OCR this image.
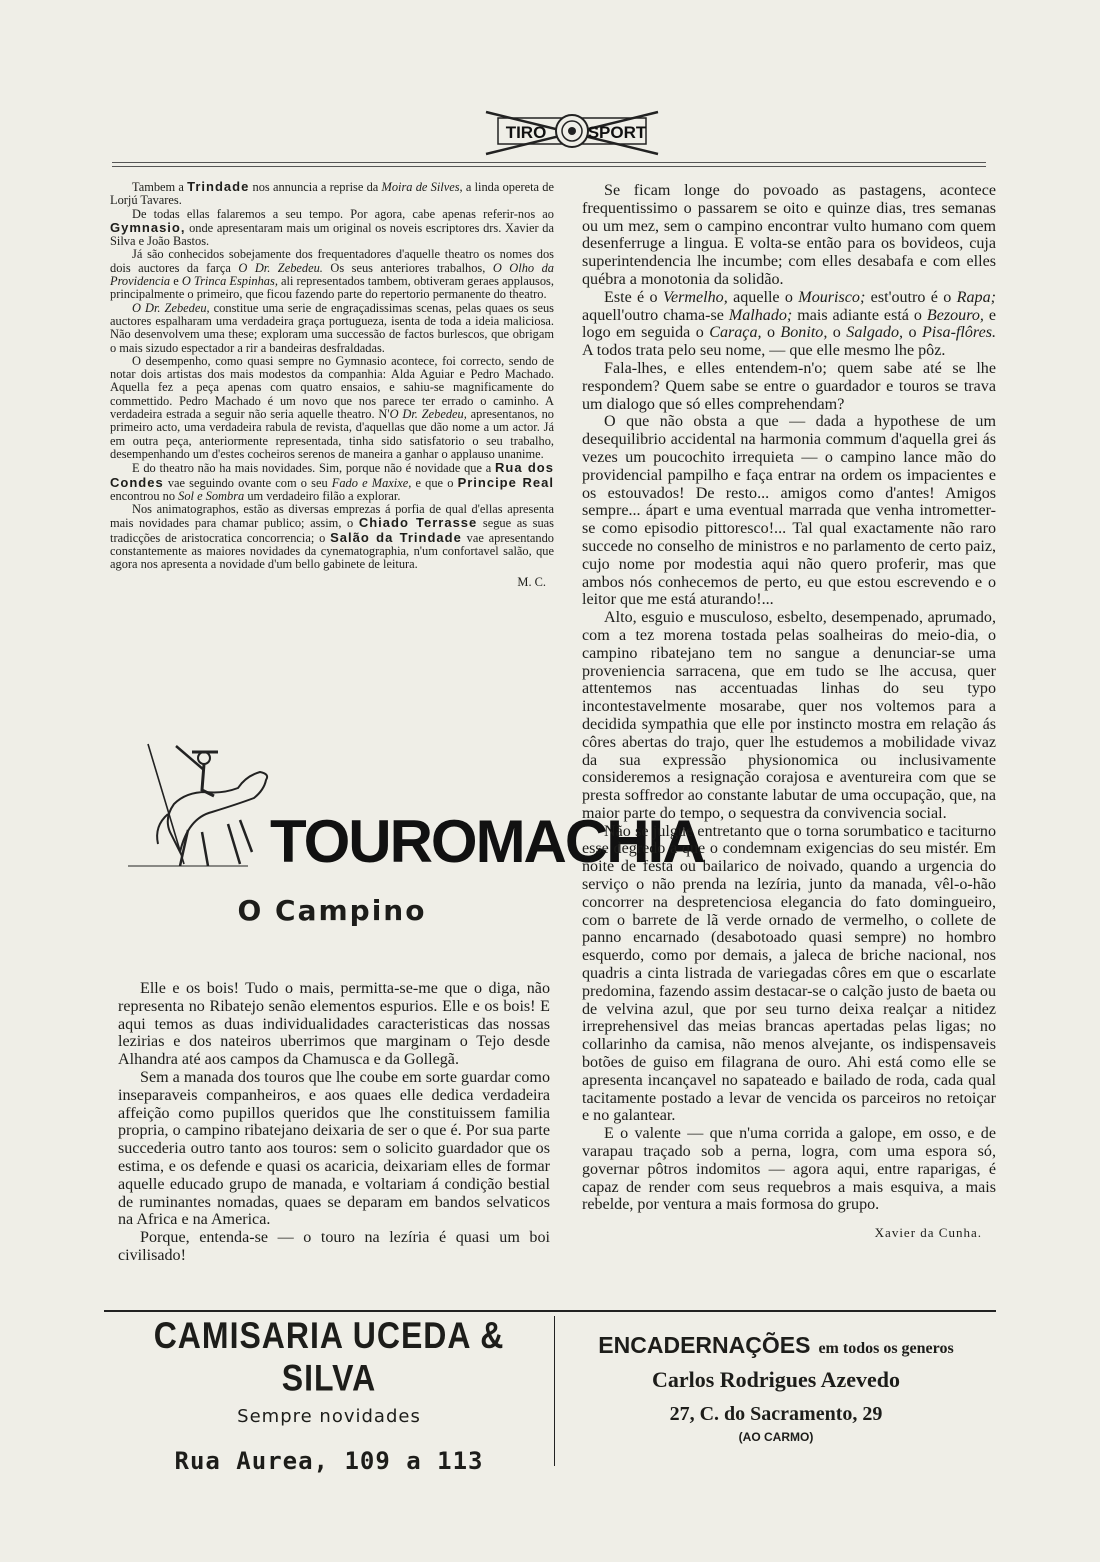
TIRO SPORT

Tambem a Trindade nos annuncia a reprise da Moira de Silves, a linda opereta de Lorjú Tavares.

De todas ellas falaremos a seu tempo. Por agora, cabe apenas referir-nos ao Gymnasio, onde apresentaram mais um original os noveis escriptores drs. Xavier da Silva e João Bastos.

Já são conhecidos sobejamente dos frequentadores d'aquelle theatro os nomes dos dois auctores da farça O Dr. Zebedeu. Os seus anteriores trabalhos, O Olho da Providencia e O Trinca Espinhas, ali representados tambem, obtiveram geraes applausos, principalmente o primeiro, que ficou fazendo parte do repertorio permanente do theatro.

O Dr. Zebedeu, constitue uma serie de engraçadissimas scenas, pelas quaes os seus auctores espalharam uma verdadeira graça portugueza, isenta de toda a ideia maliciosa. Não desenvolvem uma these; exploram uma successão de factos burlescos, que obrigam o mais sizudo espectador a rir a bandeiras desfraldadas.

O desempenho, como quasi sempre no Gymnasio acontece, foi correcto, sendo de notar dois artistas dos mais modestos da companhia: Alda Aguiar e Pedro Machado. Aquella fez a peça apenas com quatro ensaios, e sahiu-se magnificamente do commettido. Pedro Machado é um novo que nos parece ter errado o caminho. A verdadeira estrada a seguir não seria aquelle theatro. N'O Dr. Zebedeu, apresentanos, no primeiro acto, uma verdadeira rabula de revista, d'aquellas que dão nome a um actor. Já em outra peça, anteriormente representada, tinha sido satisfatorio o seu trabalho, desempenhando um d'estes cocheiros serenos de maneira a ganhar o applauso unanime.

E do theatro não ha mais novidades. Sim, porque não é novidade que a Rua dos Condes vae seguindo ovante com o seu Fado e Maxixe, e que o Principe Real encontrou no Sol e Sombra um verdadeiro filão a explorar.

Nos animatographos, estão as diversas emprezas á porfia de qual d'ellas apresenta mais novidades para chamar publico; assim, o Chiado Terrasse segue as suas tradicções de aristocratica concorrencia; o Salão da Trindade vae apresentando constantemente as maiores novidades da cynematographia, n'um confortavel salão, que agora nos apresenta a novidade d'um bello gabinete de leitura.

M. C.

TOUROMACHIA
O Campino

Elle e os bois! Tudo o mais, permitta-se-me que o diga, não representa no Ribatejo senão elementos espurios. Elle e os bois! E aqui temos as duas individualidades caracteristicas das nossas lezirias e dos nateiros uberrimos que marginam o Tejo desde Alhandra até aos campos da Chamusca e da Gollegã.

Sem a manada dos touros que lhe coube em sorte guardar como inseparaveis companheiros, e aos quaes elle dedica verdadeira affeição como pupillos queridos que lhe constituissem familia propria, o campino ribatejano deixaria de ser o que é. Por sua parte succederia outro tanto aos touros: sem o solicito guardador que os estima, e os defende e quasi os acaricia, deixariam elles de formar aquelle educado grupo de manada, e voltariam á condição bestial de ruminantes nomadas, quaes se deparam em bandos selvaticos na Africa e na America.

Porque, entenda-se — o touro na lezíria é quasi um boi civilisado!

Se ficam longe do povoado as pastagens, acontece frequentissimo o passarem se oito e quinze dias, tres semanas ou um mez, sem o campino encontrar vulto humano com quem desenferruge a lingua. E volta-se então para os bovideos, cuja superintendencia lhe incumbe; com elles desabafa e com elles québra a monotonia da solidão.

Este é o Vermelho, aquelle o Mourisco; est'outro é o Rapa; aquell'outro chama-se Malhado; mais adiante está o Bezouro, e logo em seguida o Caraça, o Bonito, o Salgado, o Pisa-flôres. A todos trata pelo seu nome, — que elle mesmo lhe pôz.

Fala-lhes, e elles entendem-n'o; quem sabe até se lhe respondem? Quem sabe se entre o guardador e touros se trava um dialogo que só elles comprehendam?

O que não obsta a que — dada a hypothese de um desequilibrio accidental na harmonia commum d'aquella grei ás vezes um poucochito irrequieta — o campino lance mão do providencial pampilho e faça entrar na ordem os impacientes e os estouvados! De resto... amigos como d'antes! Amigos sempre... ápart e uma eventual marrada que venha intrometter-se como episodio pittoresco!... Tal qual exactamente não raro succede no conselho de ministros e no parlamento de certo paiz, cujo nome por modestia aqui não quero proferir, mas que ambos nós conhecemos de perto, eu que estou escrevendo e o leitor que me está aturando!...

Alto, esguio e musculoso, esbelto, desempenado, aprumado, com a tez morena tostada pelas soalheiras do meio-dia, o campino ribatejano tem no sangue a denunciar-se uma proveniencia sarracena, que em tudo se lhe accusa, quer attentemos nas accentuadas linhas do seu typo incontestavelmente mosarabe, quer nos voltemos para a decidida sympathia que elle por instincto mostra em relação ás côres abertas do trajo, quer lhe estudemos a mobilidade vivaz da sua expressão physionomica ou inclusivamente consideremos a resignação corajosa e aventureira com que se presta soffredor ao constante labutar de uma occupação, que, na maior parte do tempo, o sequestra da convivencia social.

Não se julgue entretanto que o torna sorumbatico e taciturno esse degredo a que o condemnam exigencias do seu mistér. Em noite de festa ou bailarico de noivado, quando a urgencia do serviço o não prenda na lezíria, junto da manada, vêl-o-hão concorrer na despretenciosa elegancia do fato domingueiro, com o barrete de lã verde ornado de vermelho, o collete de panno encarnado (desabotoado quasi sempre) no hombro esquerdo, como por demais, a jaleca de briche nacional, nos quadris a cinta listrada de variegadas côres em que o escarlate predomina, fazendo assim destacar-se o calção justo de baeta ou de velvina azul, que por seu turno deixa realçar a nitidez irreprehensivel das meias brancas apertadas pelas ligas; no collarinho da camisa, não menos alvejante, os indispensaveis botões de guiso em filagrana de ouro. Ahi está como elle se apresenta incançavel no sapateado e bailado de roda, cada qual tacitamente postado a levar de vencida os parceiros no retoiçar e no galantear.

E o valente — que n'uma corrida a galope, em osso, e de varapau traçado sob a perna, logra, com uma espora só, governar pôtros indomitos — agora aqui, entre raparigas, é capaz de render com seus requebros a mais esquiva, a mais rebelde, por ventura a mais formosa do grupo.

Xavier da Cunha.

CAMISARIA UCEDA & SILVA
Sempre novidades
Rua Aurea, 109 a 113
ENCADERNAÇÕES em todos os generos
Carlos Rodrigues Azevedo
27, C. do Sacramento, 29
(AO CARMO)
